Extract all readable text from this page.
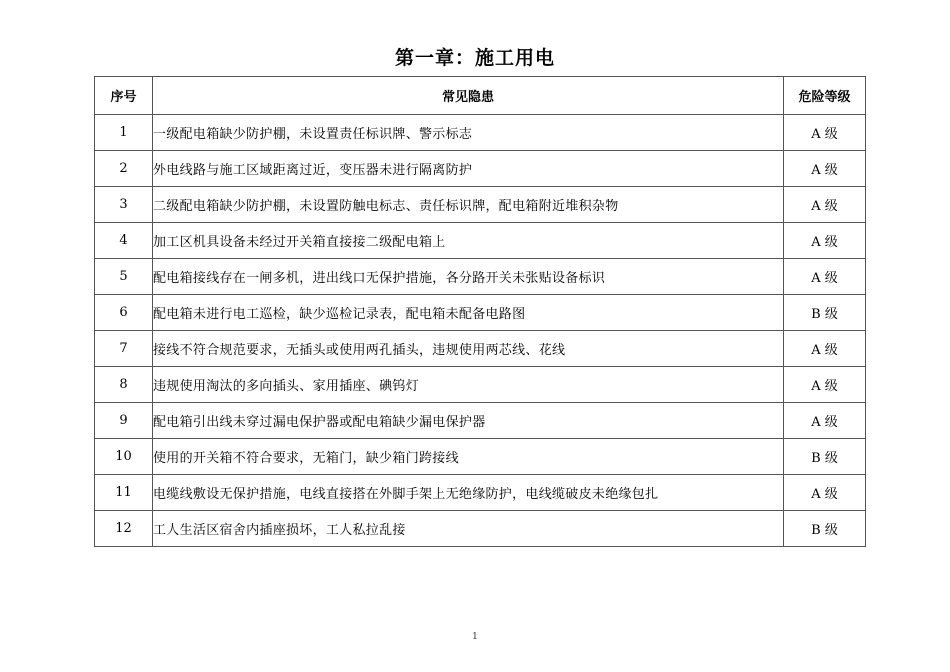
第一章：施工用电
序号	常见隐患	危险等级
1	一级配电箱缺少防护棚，未设置责任标识牌、警示标志	A 级
2	外电线路与施工区域距离过近，变压器未进行隔离防护	A 级
3	二级配电箱缺少防护棚，未设置防触电标志、责任标识牌，配电箱附近堆积杂物	A 级
4	加工区机具设备未经过开关箱直接接二级配电箱上	A 级
5	配电箱接线存在一闸多机，进出线口无保护措施，各分路开关未张贴设备标识	A 级
6	配电箱未进行电工巡检，缺少巡检记录表，配电箱未配备电路图	B 级
7	接线不符合规范要求，无插头或使用两孔插头，违规使用两芯线、花线	A 级
8	违规使用淘汰的多向插头、家用插座、碘钨灯	A 级
9	配电箱引出线未穿过漏电保护器或配电箱缺少漏电保护器	A 级
10	使用的开关箱不符合要求，无箱门，缺少箱门跨接线	B 级
11	电缆线敷设无保护措施，电线直接搭在外脚手架上无绝缘防护，电线缆破皮未绝缘包扎	A 级
12	工人生活区宿舍内插座损坏，工人私拉乱接	B 级
1
